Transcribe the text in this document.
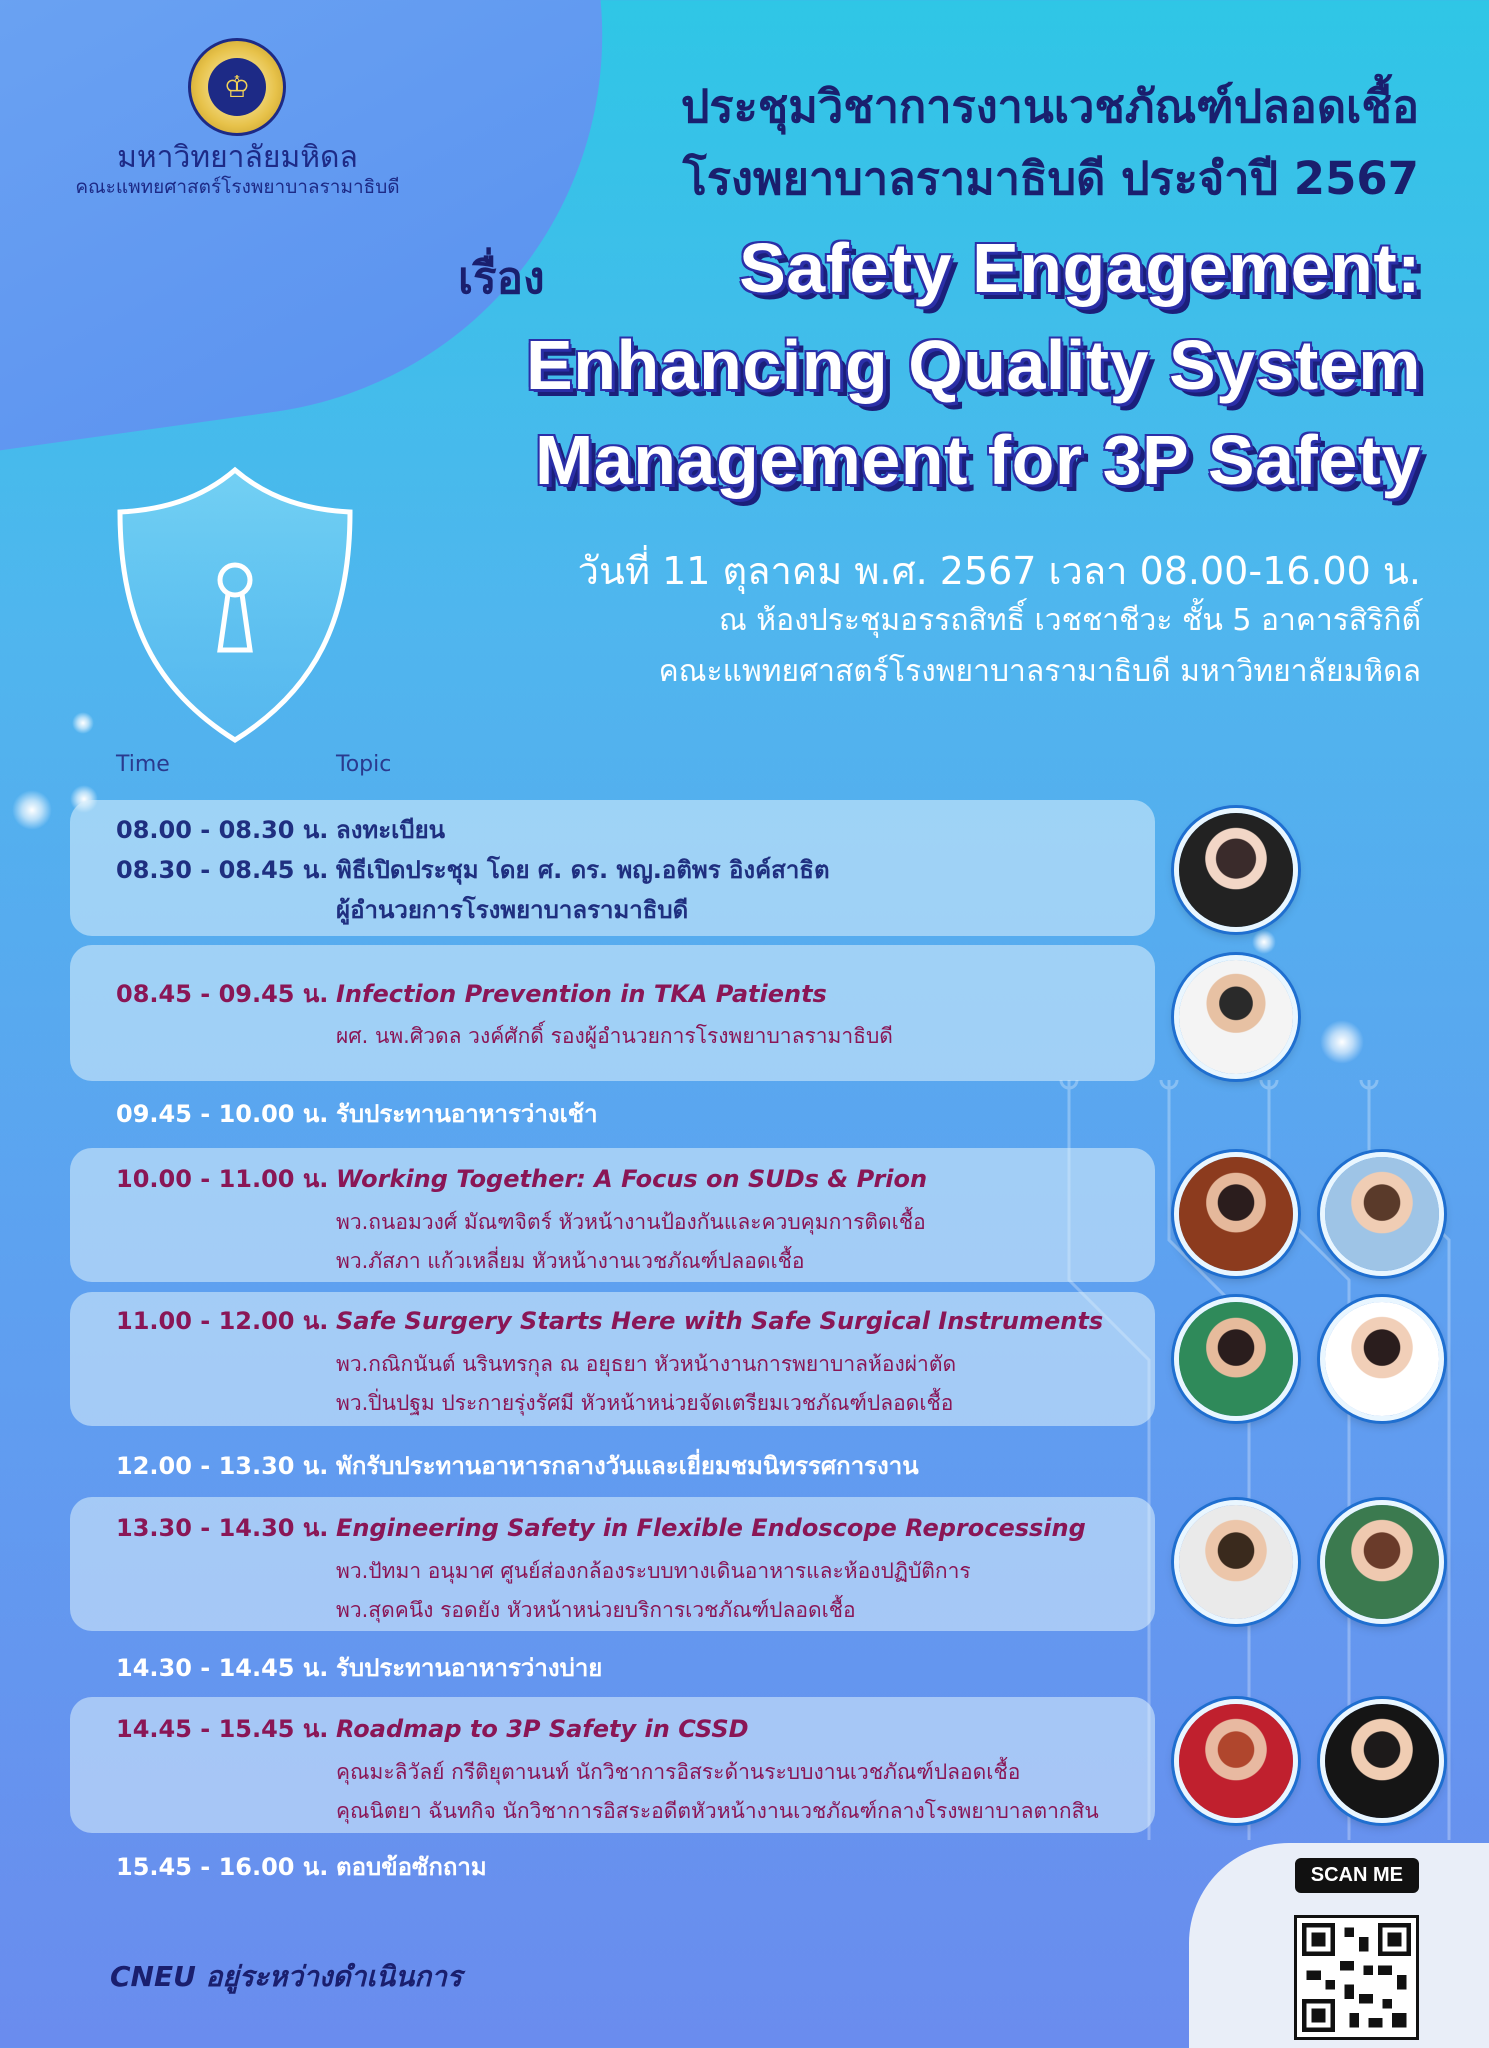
♔
มหาวิทยาลัยมหิดล
คณะแพทยศาสตร์โรงพยาบาลรามาธิบดี
ประชุมวิชาการงานเวชภัณฑ์ปลอดเชื้อ
โรงพยาบาลรามาธิบดี ประจำปี 2567
เรื่อง	Safety Engagement:
Enhancing Quality System
Management for 3P Safety
วันที่ 11 ตุลาคม พ.ศ. 2567 เวลา 08.00-16.00 น.
ณ ห้องประชุมอรรถสิทธิ์ เวชชาชีวะ ชั้น 5 อาคารสิริกิติ์
คณะแพทยศาสตร์โรงพยาบาลรามาธิบดี มหาวิทยาลัยมหิดล
Time	Topic
08.00 - 08.30 น. ลงทะเบียน
08.30 - 08.45 น. พิธีเปิดประชุม โดย ศ. ดร. พญ.อติพร อิงค์สาธิต
ผู้อำนวยการโรงพยาบาลรามาธิบดี
08.45 - 09.45 น. Infection Prevention in TKA Patients
ผศ. นพ.ศิวดล วงค์ศักดิ์ รองผู้อำนวยการโรงพยาบาลรามาธิบดี
09.45 - 10.00 น. รับประทานอาหารว่างเช้า
10.00 - 11.00 น. Working Together: A Focus on SUDs & Prion
พว.ถนอมวงศ์ มัณฑจิตร์ หัวหน้างานป้องกันและควบคุมการติดเชื้อ
พว.ภัสภา แก้วเหลี่ยม หัวหน้างานเวชภัณฑ์ปลอดเชื้อ
11.00 - 12.00 น. Safe Surgery Starts Here with Safe Surgical Instruments
พว.กณิกนันต์ นรินทรกุล ณ อยุธยา หัวหน้างานการพยาบาลห้องผ่าตัด
พว.ปิ่นปฐม ประกายรุ่งรัศมี หัวหน้าหน่วยจัดเตรียมเวชภัณฑ์ปลอดเชื้อ
12.00 - 13.30 น. พักรับประทานอาหารกลางวันและเยี่ยมชมนิทรรศการงาน
13.30 - 14.30 น. Engineering Safety in Flexible Endoscope Reprocessing
พว.ปัทมา อนุมาศ ศูนย์ส่องกล้องระบบทางเดินอาหารและห้องปฏิบัติการ
พว.สุดคนึง รอดยัง หัวหน้าหน่วยบริการเวชภัณฑ์ปลอดเชื้อ
14.30 - 14.45 น. รับประทานอาหารว่างบ่าย
14.45 - 15.45 น. Roadmap to 3P Safety in CSSD
คุณมะลิวัลย์ กรีติยุตานนท์ นักวิชาการอิสระด้านระบบงานเวชภัณฑ์ปลอดเชื้อ
คุณนิตยา ฉันทกิจ นักวิชาการอิสระอดีตหัวหน้างานเวชภัณฑ์กลางโรงพยาบาลตากสิน
15.45 - 16.00 น. ตอบข้อซักถาม	SCAN ME
CNEU อยู่ระหว่างดำเนินการ
